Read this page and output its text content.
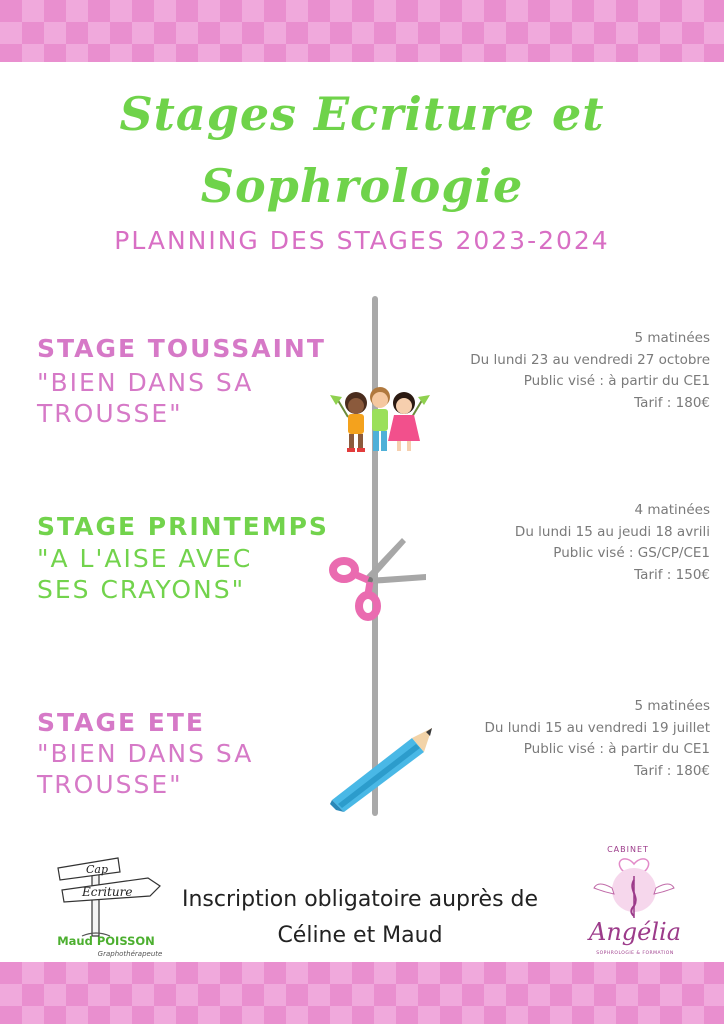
Stages Ecriture et
Sophrologie
PLANNING DES STAGES 2023-2024
STAGE TOUSSAINT
"BIEN DANS SA
TROUSSE"
5 matinées
Du lundi 23 au vendredi 27 octobre
Public visé : à partir du CE1
Tarif : 180€
STAGE PRINTEMPS
"A L'AISE AVEC
SES CRAYONS"
4 matinées
Du lundi 15 au jeudi 18 avrili
Public visé : GS/CP/CE1
Tarif : 150€
STAGE ETE
"BIEN DANS SA
TROUSSE"
5 matinées
Du lundi 15 au vendredi 19 juillet
Public visé : à partir du CE1
Tarif : 180€
Inscription obligatoire auprès de
Céline et Maud
Cap
Ecriture
Maud POISSON
Graphothérapeute
CABINET
Angélia
SOPHROLOGIE & FORMATION
